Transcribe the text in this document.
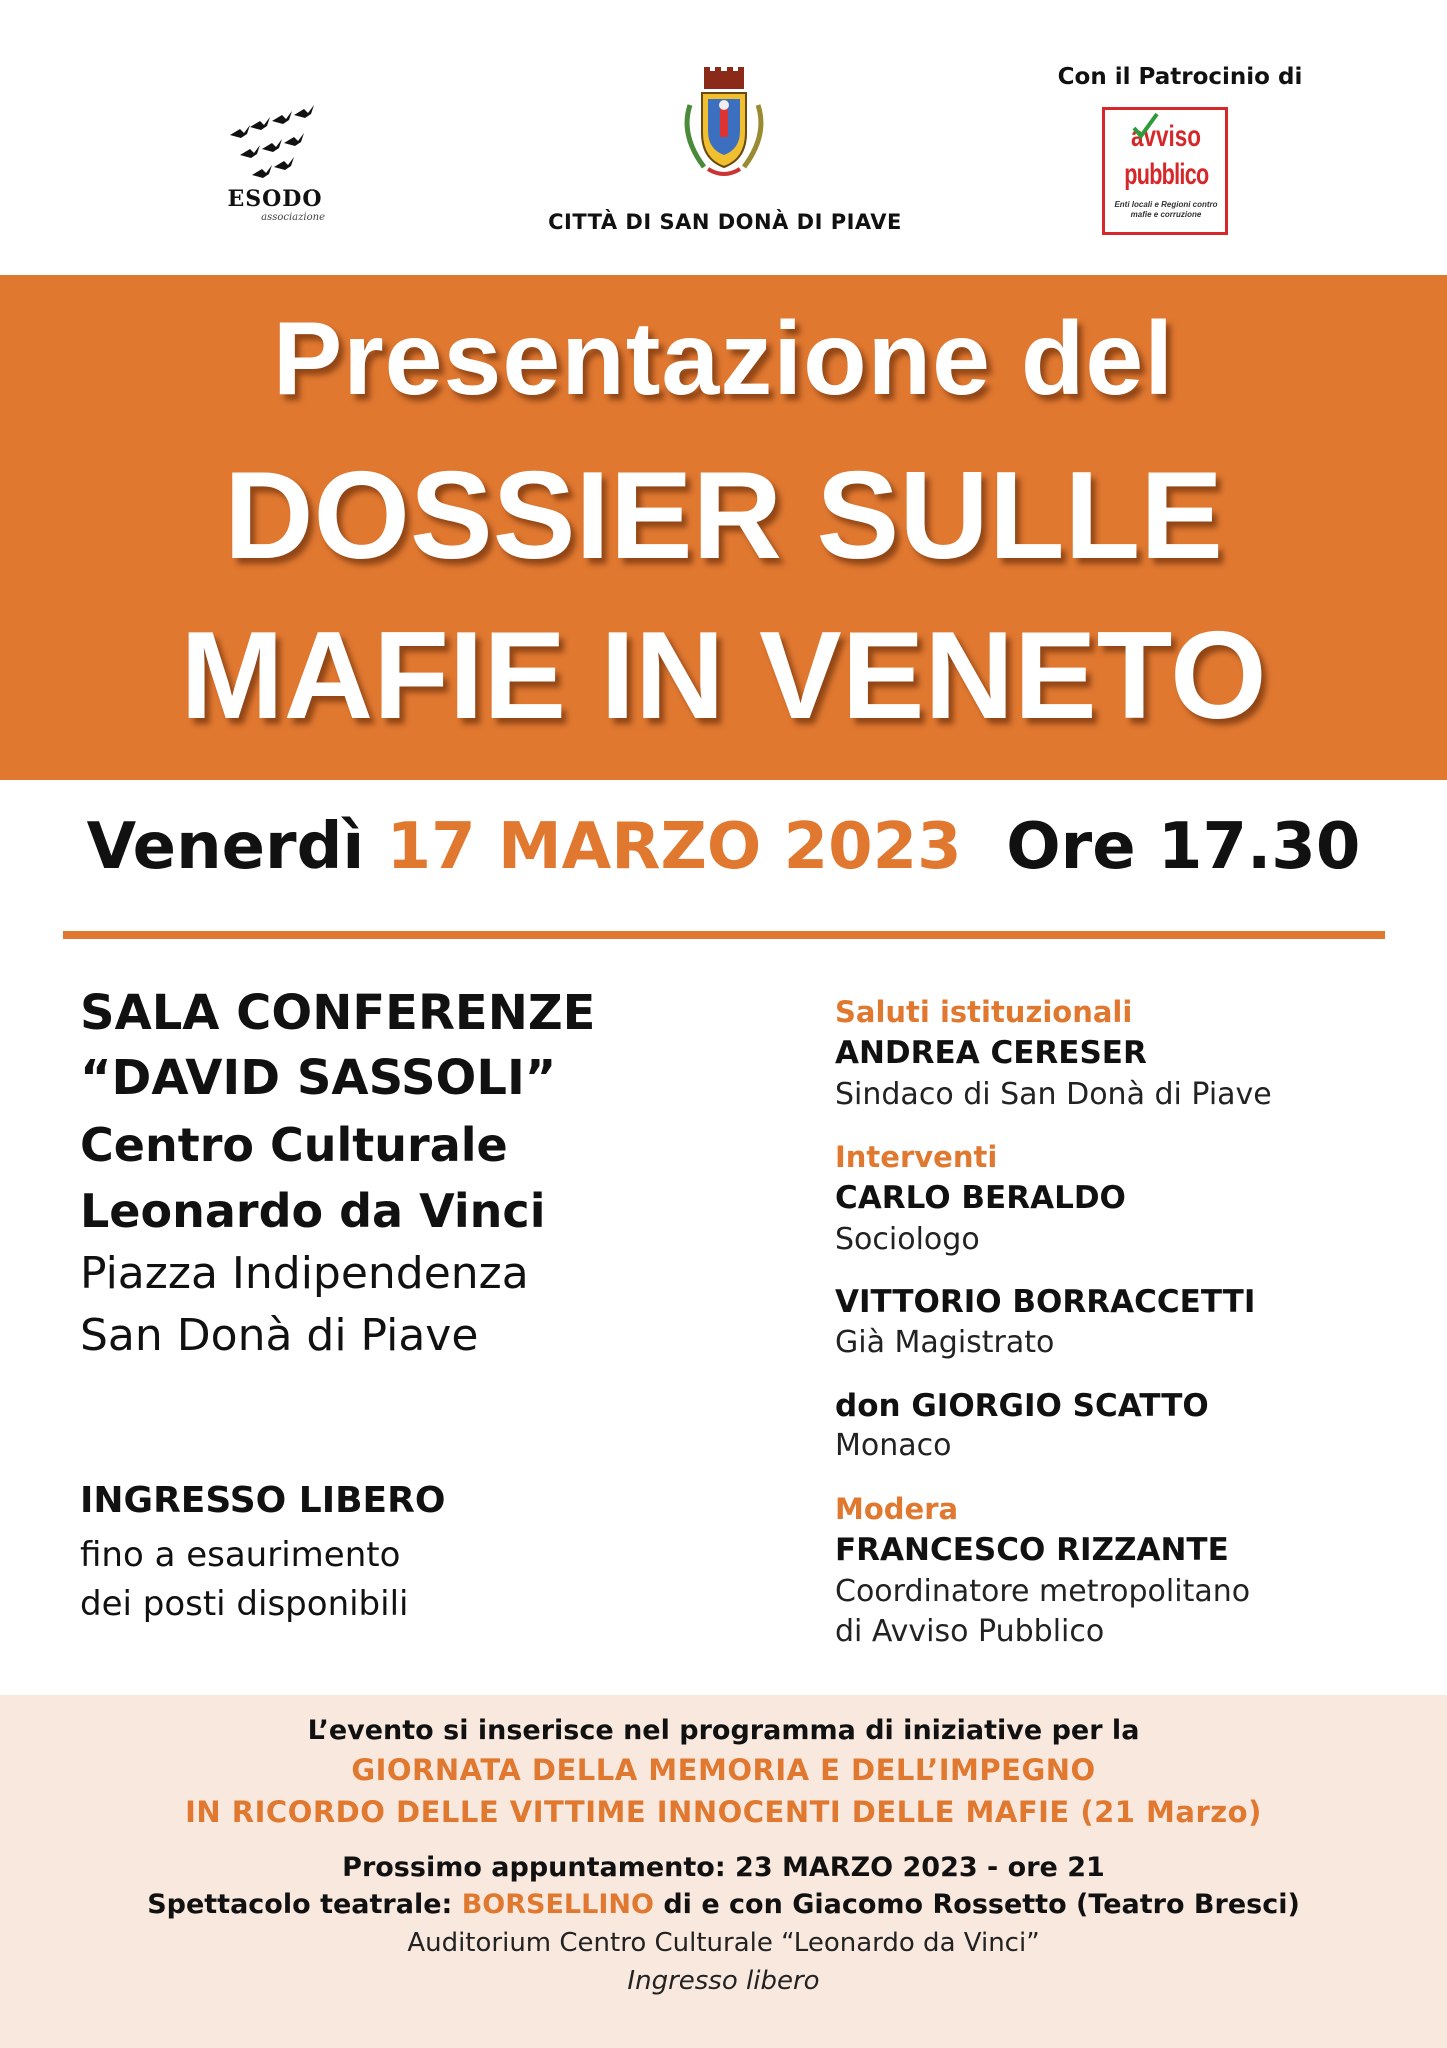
ESODO
associazione	CITTÀ DI SAN DONÀ DI PIAVE
Con il Patrocinio di
avviso
pubblico
Enti locali e Regioni contro mafie e corruzione
Presentazione del
DOSSIER SULLE
MAFIE IN VENETO
Venerdì 17 MARZO 2023 Ore 17.30
SALA CONFERENZE
“DAVID SASSOLI”
Centro Culturale
Leonardo da Vinci
Piazza Indipendenza
San Donà di Piave
INGRESSO LIBERO
fino a esaurimento
dei posti disponibili
Saluti istituzionali
ANDREA CERESER
Sindaco di San Donà di Piave
Interventi
CARLO BERALDO
Sociologo
VITTORIO BORRACCETTI
Già Magistrato
don GIORGIO SCATTO
Monaco
Modera
FRANCESCO RIZZANTE
Coordinatore metropolitano
di Avviso Pubblico
L’evento si inserisce nel programma di iniziative per la
GIORNATA DELLA MEMORIA E DELL’IMPEGNO
IN RICORDO DELLE VITTIME INNOCENTI DELLE MAFIE (21 Marzo)
Prossimo appuntamento: 23 MARZO 2023 - ore 21
Spettacolo teatrale: BORSELLINO di e con Giacomo Rossetto (Teatro Bresci)
Auditorium Centro Culturale “Leonardo da Vinci”
Ingresso libero
